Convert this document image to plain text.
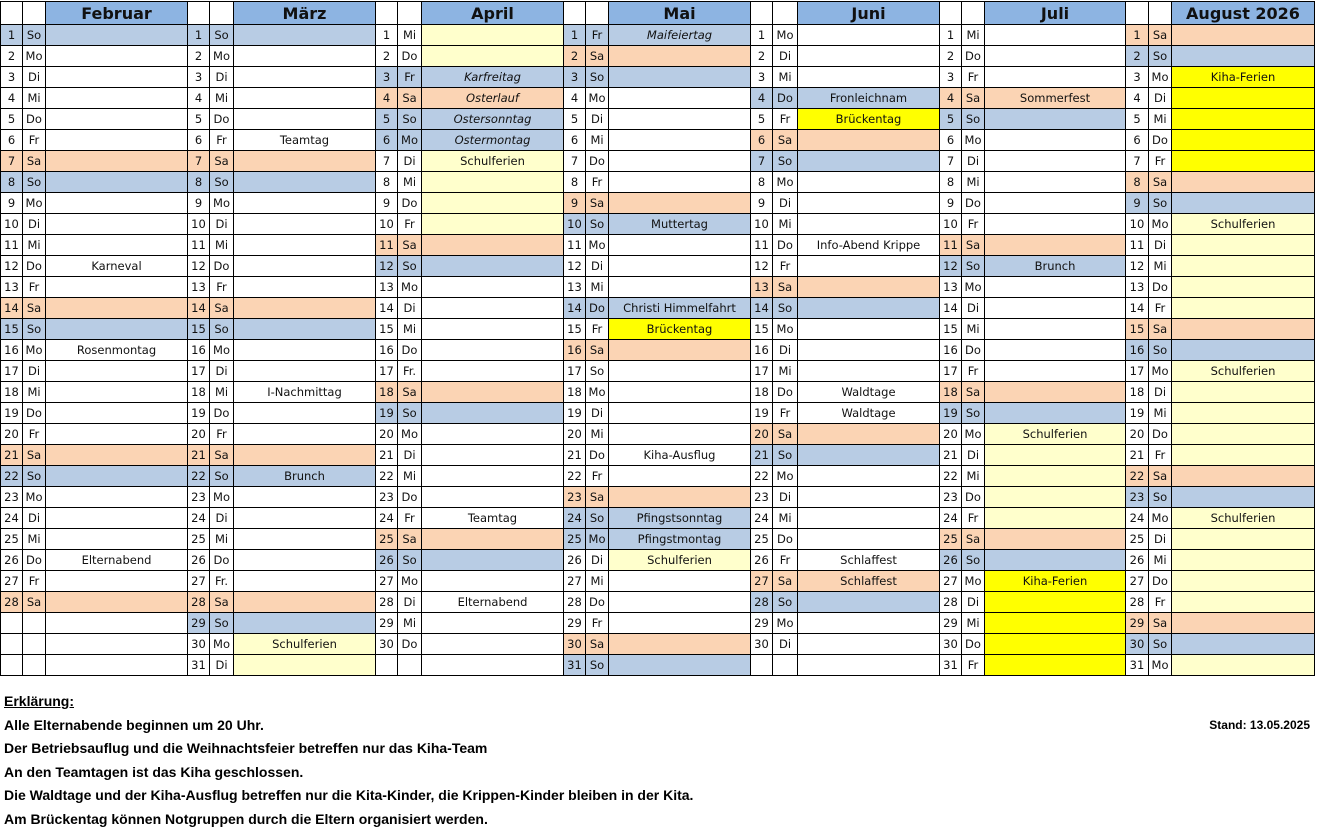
		Februar			März			April			Mai			Juni			Juli			August 2026
1	So		1	So		1	Mi		1	Fr	Maifeiertag	1	Mo		1	Mi		1	Sa	
2	Mo		2	Mo		2	Do		2	Sa		2	Di		2	Do		2	So	
3	Di		3	Di		3	Fr	Karfreitag	3	So		3	Mi		3	Fr		3	Mo	Kiha-Ferien
4	Mi		4	Mi		4	Sa	Osterlauf	4	Mo		4	Do	Fronleichnam	4	Sa	Sommerfest	4	Di	
5	Do		5	Do		5	So	Ostersonntag	5	Di		5	Fr	Brückentag	5	So		5	Mi	
6	Fr		6	Fr	Teamtag	6	Mo	Ostermontag	6	Mi		6	Sa		6	Mo		6	Do	
7	Sa		7	Sa		7	Di	Schulferien	7	Do		7	So		7	Di		7	Fr	
8	So		8	So		8	Mi		8	Fr		8	Mo		8	Mi		8	Sa	
9	Mo		9	Mo		9	Do		9	Sa		9	Di		9	Do		9	So	
10	Di		10	Di		10	Fr		10	So	Muttertag	10	Mi		10	Fr		10	Mo	Schulferien
11	Mi		11	Mi		11	Sa		11	Mo		11	Do	Info-Abend Krippe	11	Sa		11	Di	
12	Do	Karneval	12	Do		12	So		12	Di		12	Fr		12	So	Brunch	12	Mi	
13	Fr		13	Fr		13	Mo		13	Mi		13	Sa		13	Mo		13	Do	
14	Sa		14	Sa		14	Di		14	Do	Christi Himmelfahrt	14	So		14	Di		14	Fr	
15	So		15	So		15	Mi		15	Fr	Brückentag	15	Mo		15	Mi		15	Sa	
16	Mo	Rosenmontag	16	Mo		16	Do		16	Sa		16	Di		16	Do		16	So	
17	Di		17	Di		17	Fr.		17	So		17	Mi		17	Fr		17	Mo	Schulferien
18	Mi		18	Mi	I-Nachmittag	18	Sa		18	Mo		18	Do	Waldtage	18	Sa		18	Di	
19	Do		19	Do		19	So		19	Di		19	Fr	Waldtage	19	So		19	Mi	
20	Fr		20	Fr		20	Mo		20	Mi		20	Sa		20	Mo	Schulferien	20	Do	
21	Sa		21	Sa		21	Di		21	Do	Kiha-Ausflug	21	So		21	Di		21	Fr	
22	So		22	So	Brunch	22	Mi		22	Fr		22	Mo		22	Mi		22	Sa	
23	Mo		23	Mo		23	Do		23	Sa		23	Di		23	Do		23	So	
24	Di		24	Di		24	Fr	Teamtag	24	So	Pfingstsonntag	24	Mi		24	Fr		24	Mo	Schulferien
25	Mi		25	Mi		25	Sa		25	Mo	Pfingstmontag	25	Do		25	Sa		25	Di	
26	Do	Elternabend	26	Do		26	So		26	Di	Schulferien	26	Fr	Schlaffest	26	So		26	Mi	
27	Fr		27	Fr.		27	Mo		27	Mi		27	Sa	Schlaffest	27	Mo	Kiha-Ferien	27	Do	
28	Sa		28	Sa		28	Di	Elternabend	28	Do		28	So		28	Di		28	Fr	
			29	So		29	Mi		29	Fr		29	Mo		29	Mi		29	Sa	
			30	Mo	Schulferien	30	Do		30	Sa		30	Di		30	Do		30	So	
			31	Di					31	So					31	Fr		31	Mo	
Erklärung:
Alle Elternabende beginnen um 20 Uhr.
Der Betriebsauflug und die Weihnachtsfeier betreffen nur das Kiha-Team
An den Teamtagen ist das Kiha geschlossen.
Die Waldtage und der Kiha-Ausflug betreffen nur die Kita-Kinder, die Krippen-Kinder bleiben in der Kita.
Am Brückentag können Notgruppen durch die Eltern organisiert werden.
Stand: 13.05.2025
